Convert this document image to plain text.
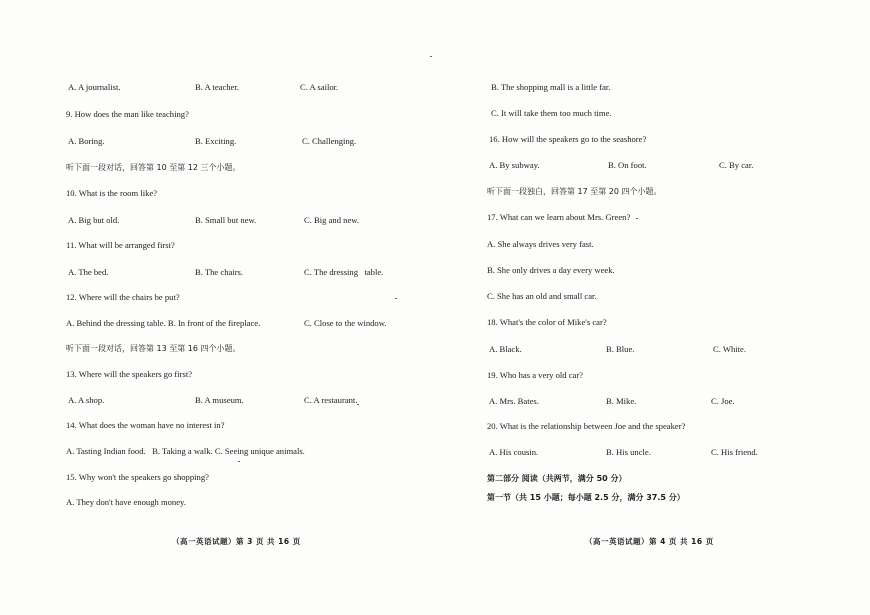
A. A journalist.	B. A teacher.	C. A sailor.
9. How does the man like teaching?
A. Boring.	B. Exciting.	C. Challenging.
听下面一段对话，回答第 10 至第 12 三个小题。
10. What is the room like?
A. Big but old.	B. Small but new.	C. Big and new.
11. What will be arranged first?
A. The bed.	B. The chairs.	C. The dressing   table.
12. Where will the chairs be put?
A. Behind the dressing table. B. In front of the fireplace.	C. Close to the window.
听下面一段对话，回答第 13 至第 16 四个小题。
13. Where will the speakers go first?
A. A shop.	B. A museum.	C. A restaurant.
14. What does the woman have no interest in?
A. Tasting Indian food.   B. Taking a walk. C. Seeing unique animals.
15. Why won't the speakers go shopping?
A. They don't have enough money.
（高一英语试题）第 3 页 共 16 页
B. The shopping mall is a little far.
C. It will take them too much time.
16. How will the speakers go to the seashore?
A. By subway.	B. On foot.	C. By car.
听下面一段独白，回答第 17 至第 20 四个小题。
17. What can we learn about Mrs. Green?
A. She always drives very fast.
B. She only drives a day every week.
C. She has an old and small car.
18. What's the color of Mike's car?
A. Black.	B. Blue.	C. White.
19. Who has a very old car?
A. Mrs. Bates.	B. Mike.	C. Joe.
20. What is the relationship between Joe and the speaker?
A. His cousin.	B. His uncle.	C. His friend.
第二部分 阅读（共两节，满分 50 分）
第一节（共 15 小题；每小题 2.5 分，满分 37.5 分）
（高一英语试题）第 4 页 共 16 页
